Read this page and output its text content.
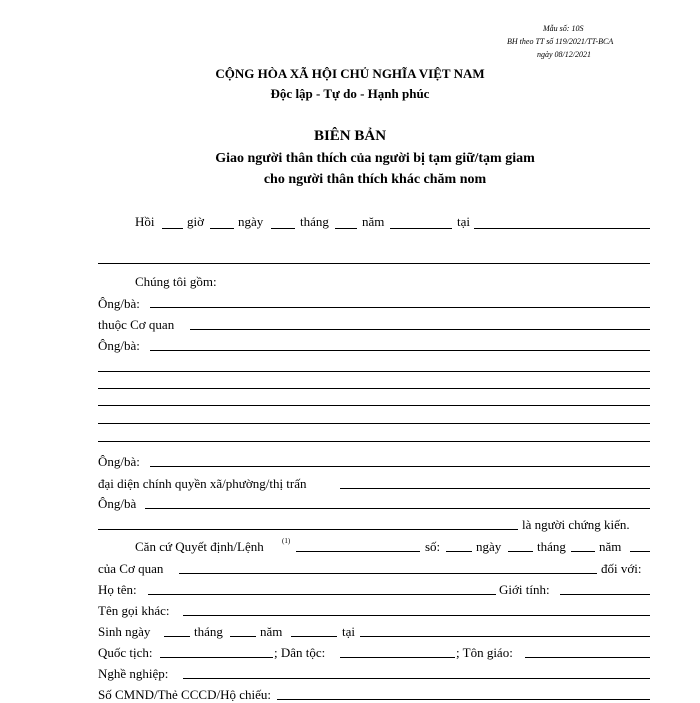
Mẫu số: 10S
BH theo TT số 119/2021/TT-BCA
ngày 08/12/2021
CỘNG HÒA XÃ HỘI CHỦ NGHĨA VIỆT NAM
Độc lập - Tự do - Hạnh phúc
BIÊN BẢN
Giao người thân thích của người bị tạm giữ/tạm giam
cho người thân thích khác chăm nom
Hồi	giờ	ngày	tháng	năm	tại
Chúng tôi gồm:
Ông/bà:
thuộc Cơ quan
Ông/bà:
Ông/bà:
đại diện chính quyền xã/phường/thị trấn
Ông/bà
là người chứng kiến.
Căn cứ Quyết định/Lệnh	(1)	số:	ngày	tháng	năm
của Cơ quan	đối với:
Họ tên:	Giới tính:
Tên gọi khác:
Sinh ngày	tháng	năm	tại
Quốc tịch:	; Dân tộc:	; Tôn giáo:
Nghề nghiệp:
Số CMND/Thẻ CCCD/Hộ chiếu:
